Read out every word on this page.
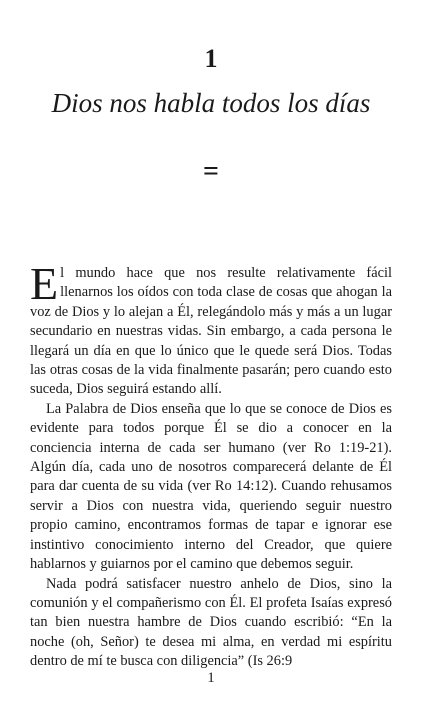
1
Dios nos habla todos los días
=

El mundo hace que nos resulte relativamente fácil llenarnos los oídos con toda clase de cosas que ahogan la voz de Dios y lo alejan a Él, relegándolo más y más a un lugar secundario en nuestras vidas. Sin embargo, a cada persona le llegará un día en que lo único que le quede será Dios. Todas las otras cosas de la vida finalmente pasarán; pero cuando esto suceda, Dios seguirá estando allí.

La Palabra de Dios enseña que lo que se conoce de Dios es evidente para todos porque Él se dio a conocer en la conciencia interna de cada ser humano (ver Ro 1:19-21). Algún día, cada uno de nosotros comparecerá delante de Él para dar cuenta de su vida (ver Ro 14:12). Cuando rehusamos servir a Dios con nuestra vida, queriendo seguir nuestro propio camino, encontramos formas de tapar e ignorar ese instintivo conocimiento interno del Creador, que quiere hablarnos y guiarnos por el camino que debemos seguir.

Nada podrá satisfacer nuestro anhelo de Dios, sino la comunión y el compañerismo con Él. El profeta Isaías expresó tan bien nuestra hambre de Dios cuando escribió: “En la noche (oh, Señor) te desea mi alma, en verdad mi espíritu dentro de mí te busca con diligencia” (Is 26:9

1
